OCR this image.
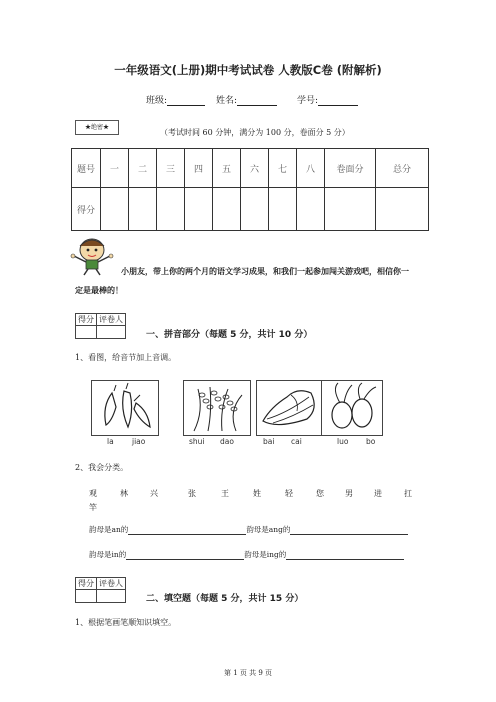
一年级语文(上册)期中考试试卷 人教版C卷 (附解析)
班级:	姓名:	学号:
★绝密★
（考试时间 60 分钟，满分为 100 分，卷面分 5 分）
题号	一	二	三	四	五	六	七	八	卷面分	总分
得分										
小朋友，带上你的两个月的语文学习成果，和我们一起参加闯关游戏吧，相信你一
定是最棒的！
得分	评卷人

一、拼音部分（每题 5 分，共计 10 分）
1、看图，给音节加上音调。
la jiao	shui dao	bai cai	luo bo
2、我会分类。
观	林	兴	张	王	姓	轻	您	男	进	扛
竿
韵母是an的	韵母是ang的
韵母是in的	韵母是ing的
得分	评卷人

二、填空题（每题 5 分，共计 15 分）
1、根据笔画笔顺知识填空。
第 1 页 共 9 页
